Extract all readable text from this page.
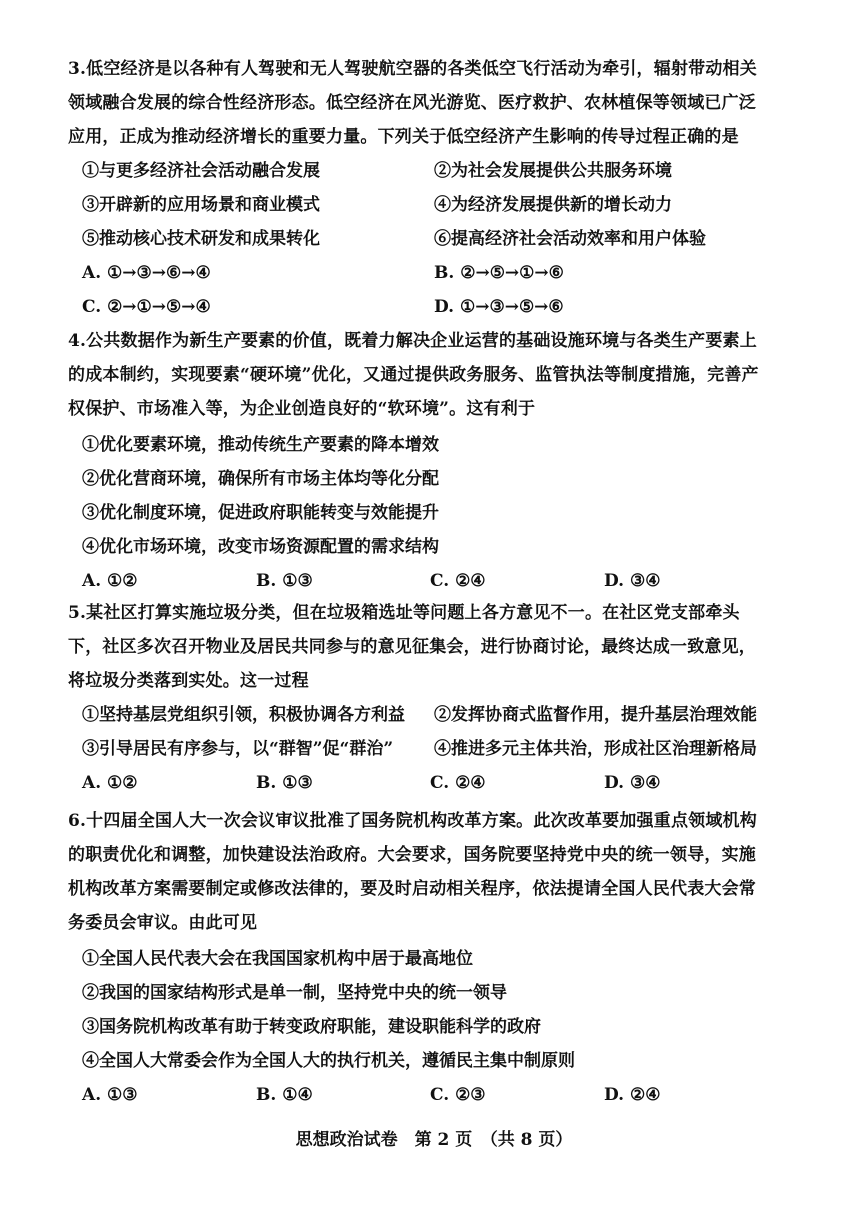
3.低空经济是以各种有人驾驶和无人驾驶航空器的各类低空飞行活动为牵引，辐射带动相关领域融合发展的综合性经济形态。低空经济在风光游览、医疗救护、农林植保等领域已广泛应用，正成为推动经济增长的重要力量。下列关于低空经济产生影响的传导过程正确的是
①与更多经济社会活动融合发展	②为社会发展提供公共服务环境
③开辟新的应用场景和商业模式	④为经济发展提供新的增长动力
⑤推动核心技术研发和成果转化	⑥提高经济社会活动效率和用户体验
A. ①→③→⑥→④	B. ②→⑤→①→⑥
C. ②→①→⑤→④	D. ①→③→⑤→⑥
4.公共数据作为新生产要素的价值，既着力解决企业运营的基础设施环境与各类生产要素上的成本制约，实现要素“硬环境”优化，又通过提供政务服务、监管执法等制度措施，完善产权保护、市场准入等，为企业创造良好的“软环境”。这有利于
①优化要素环境，推动传统生产要素的降本增效
②优化营商环境，确保所有市场主体均等化分配
③优化制度环境，促进政府职能转变与效能提升
④优化市场环境，改变市场资源配置的需求结构
A. ①②	B. ①③	C. ②④	D. ③④
5.某社区打算实施垃圾分类，但在垃圾箱选址等问题上各方意见不一。在社区党支部牵头下，社区多次召开物业及居民共同参与的意见征集会，进行协商讨论，最终达成一致意见，将垃圾分类落到实处。这一过程
①坚持基层党组织引领，积极协调各方利益	②发挥协商式监督作用，提升基层治理效能
③引导居民有序参与，以“群智”促“群治”	④推进多元主体共治，形成社区治理新格局
A. ①②	B. ①③	C. ②④	D. ③④
6.十四届全国人大一次会议审议批准了国务院机构改革方案。此次改革要加强重点领域机构的职责优化和调整，加快建设法治政府。大会要求，国务院要坚持党中央的统一领导，实施机构改革方案需要制定或修改法律的，要及时启动相关程序，依法提请全国人民代表大会常务委员会审议。由此可见
①全国人民代表大会在我国国家机构中居于最高地位
②我国的国家结构形式是单一制，坚持党中央的统一领导
③国务院机构改革有助于转变政府职能，建设职能科学的政府
④全国人大常委会作为全国人大的执行机关，遵循民主集中制原则
A. ①③	B. ①④	C. ②③	D. ②④
思想政治试卷　第 2 页　（共 8 页）
